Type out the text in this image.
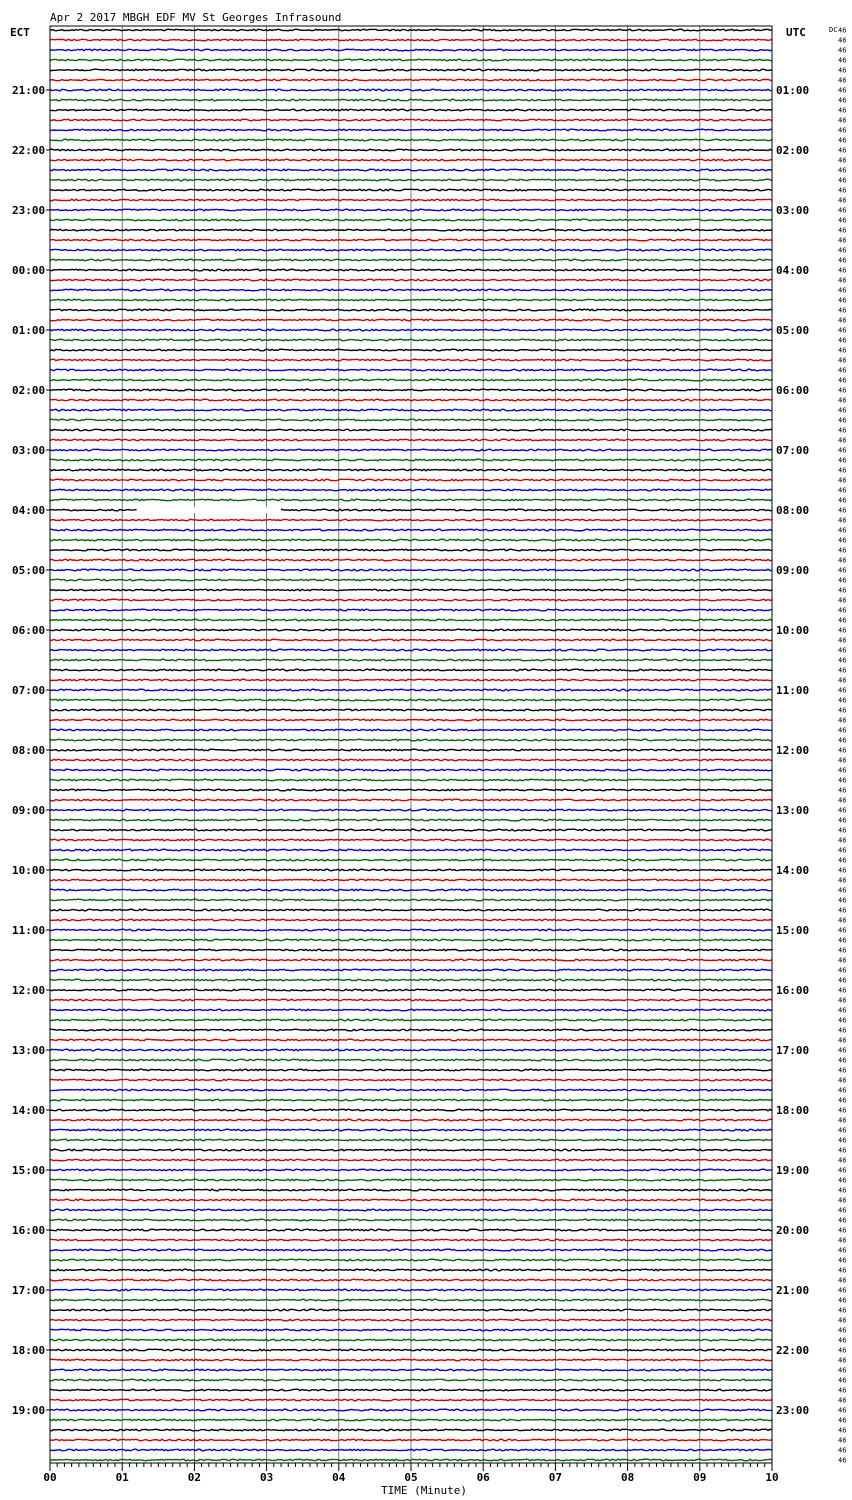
Apr 2 2017 MBGH EDF MV St Georges Infrasound
ECT	UTC	DC
TIME (Minute)
21:00
22:00
23:00
00:00
01:00
02:00
03:00
04:00
05:00
06:00
07:00
08:00
09:00
10:00
11:00
12:00
13:00
14:00
15:00
16:00
17:00
18:00
19:00
01:00
02:00
03:00
04:00
05:00
06:00
07:00
08:00
09:00
10:00
11:00
12:00
13:00
14:00
15:00
16:00
17:00
18:00
19:00
20:00
21:00
22:00
23:00
46
46
46
46
46
46
46
46
46
46
46
46
46
46
46
46
46
46
46
46
46
46
46
46
46
46
46
46
46
46
46
46
46
46
46
46
46
46
46
46
46
46
46
46
46
46
46
46
46
46
46
46
46
46
46
46
46
46
46
46
46
46
46
46
46
46
46
46
46
46
46
46
46
46
46
46
46
46
46
46
46
46
46
46
46
46
46
46
46
46
46
46
46
46
46
46
46
46
46
46
46
46
46
46
46
46
46
46
46
46
46
46
46
46
46
46
46
46
46
46
46
46
46
46
46
46
46
46
46
46
46
46
46
46
46
46
46
46
46
46
46
46
46
46
00	01	02	03	04	05	06	07	08	09	10
